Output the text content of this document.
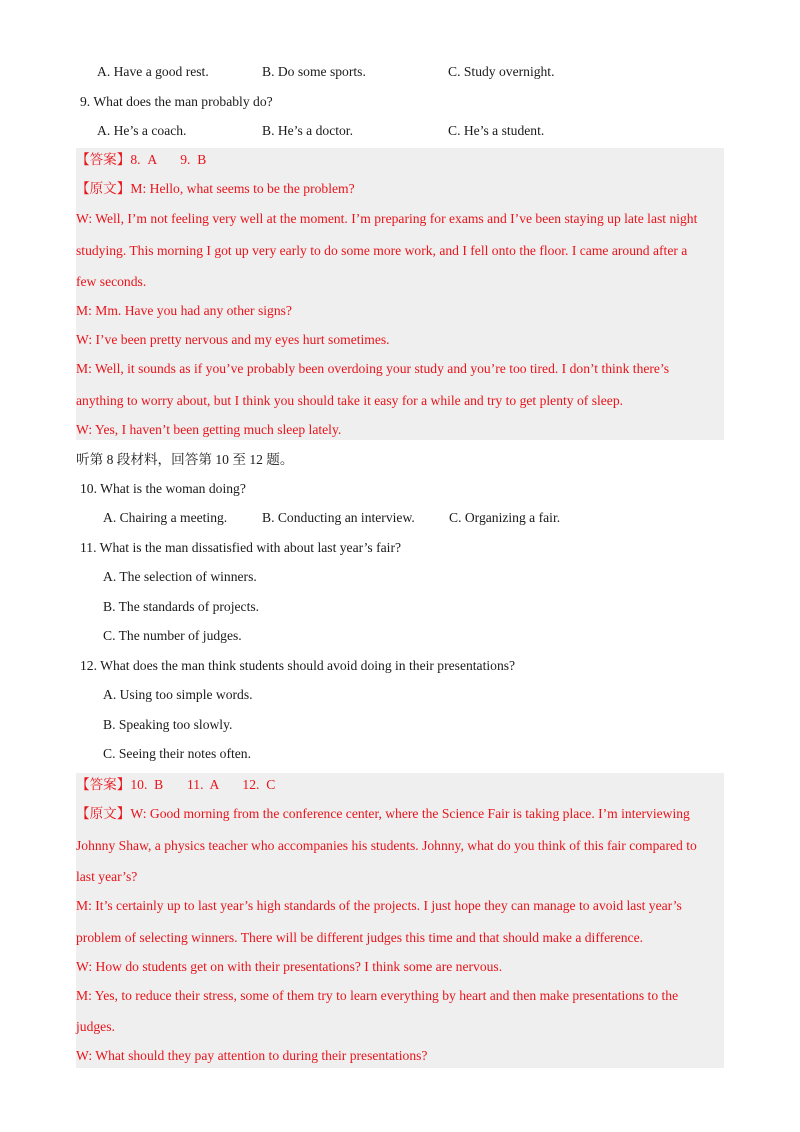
A. Have a good rest.	B. Do some sports.	C. Study overnight.
9. What does the man probably do?
A. He’s a coach.	B. He’s a doctor.	C. He’s a student.
【答案】8.  A       9.  B
【原文】M: Hello, what seems to be the problem?
W: Well, I’m not feeling very well at the moment. I’m preparing for exams and I’ve been staying up late last night
studying. This morning I got up very early to do some more work, and I fell onto the floor. I came around after a
few seconds.
M: Mm. Have you had any other signs?
W: I’ve been pretty nervous and my eyes hurt sometimes.
M: Well, it sounds as if you’ve probably been overdoing your study and you’re too tired. I don’t think there’s
anything to worry about, but I think you should take it easy for a while and try to get plenty of sleep.
W: Yes, I haven’t been getting much sleep lately.
听第 8 段材料，回答第 10 至 12 题。
10. What is the woman doing?
A. Chairing a meeting.	B. Conducting an interview.	C. Organizing a fair.
11. What is the man dissatisfied with about last year’s fair?
A. The selection of winners.
B. The standards of projects.
C. The number of judges.
12. What does the man think students should avoid doing in their presentations?
A. Using too simple words.
B. Speaking too slowly.
C. Seeing their notes often.
【答案】10.  B       11.  A       12.  C
【原文】W: Good morning from the conference center, where the Science Fair is taking place. I’m interviewing
Johnny Shaw, a physics teacher who accompanies his students. Johnny, what do you think of this fair compared to
last year’s?
M: It’s certainly up to last year’s high standards of the projects. I just hope they can manage to avoid last year’s
problem of selecting winners. There will be different judges this time and that should make a difference.
W: How do students get on with their presentations? I think some are nervous.
M: Yes, to reduce their stress, some of them try to learn everything by heart and then make presentations to the
judges.
W: What should they pay attention to during their presentations?
